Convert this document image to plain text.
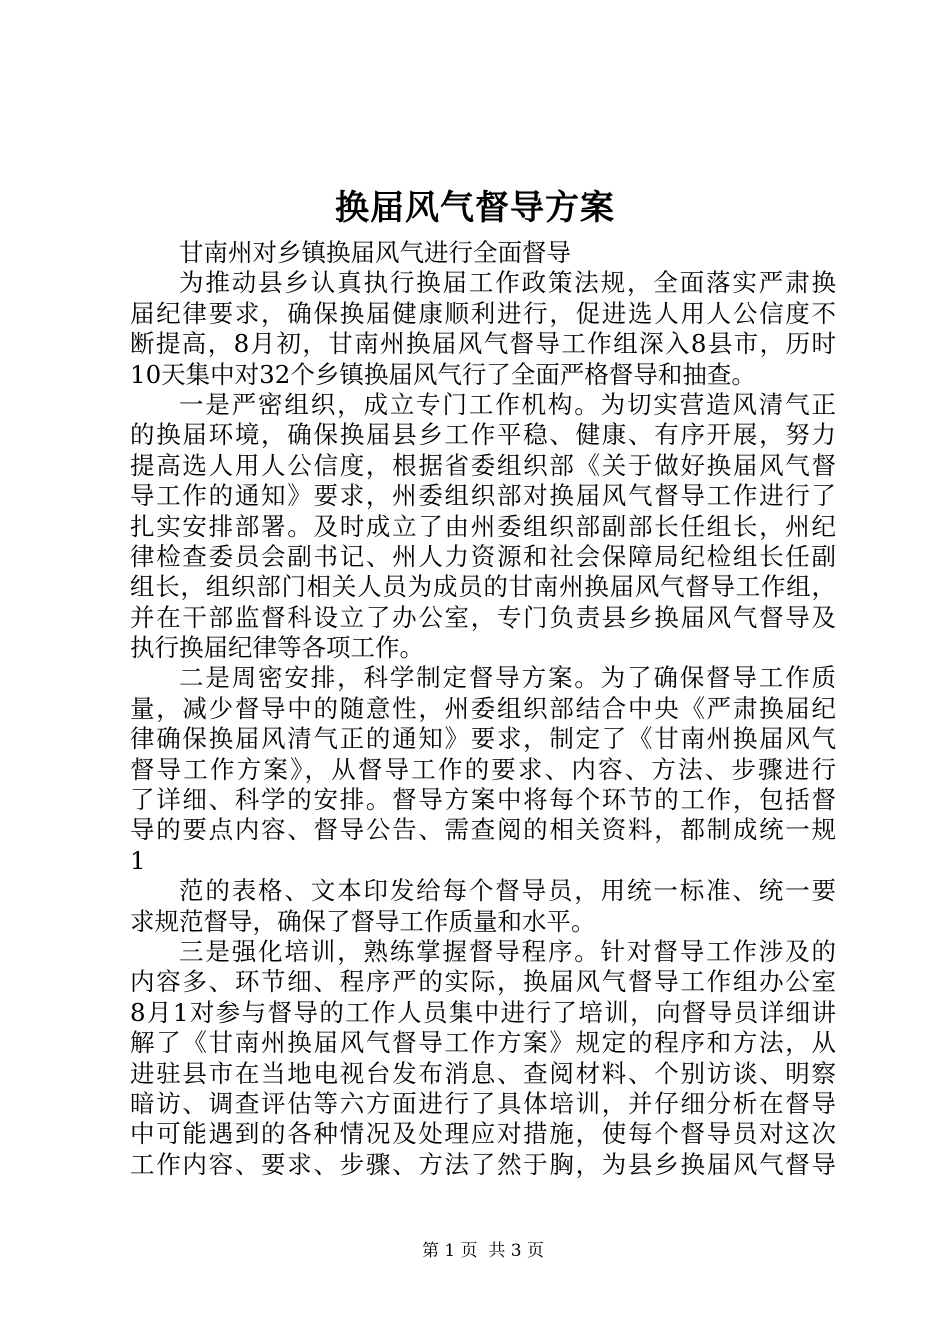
换届风气督导方案
甘南州对乡镇换届风气进行全面督导
为推动县乡认真执行换届工作政策法规，全面落实严肃换
届纪律要求，确保换届健康顺利进行，促进选人用人公信度不
断提高，8月初，甘南州换届风气督导工作组深入8县市，历时
10天集中对32个乡镇换届风气行了全面严格督导和抽查。
一是严密组织，成立专门工作机构。为切实营造风清气正
的换届环境，确保换届县乡工作平稳、健康、有序开展，努力
提高选人用人公信度，根据省委组织部《关于做好换届风气督
导工作的通知》要求，州委组织部对换届风气督导工作进行了
扎实安排部署。及时成立了由州委组织部副部长任组长，州纪
律检查委员会副书记、州人力资源和社会保障局纪检组长任副
组长，组织部门相关人员为成员的甘南州换届风气督导工作组，
并在干部监督科设立了办公室，专门负责县乡换届风气督导及
执行换届纪律等各项工作。
二是周密安排，科学制定督导方案。为了确保督导工作质
量，减少督导中的随意性，州委组织部结合中央《严肃换届纪
律确保换届风清气正的通知》要求，制定了《甘南州换届风气
督导工作方案》，从督导工作的要求、内容、方法、步骤进行
了详细、科学的安排。督导方案中将每个环节的工作，包括督
导的要点内容、督导公告、需查阅的相关资料，都制成统一规
1
范的表格、文本印发给每个督导员，用统一标准、统一要
求规范督导，确保了督导工作质量和水平。
三是强化培训，熟练掌握督导程序。针对督导工作涉及的
内容多、环节细、程序严的实际，换届风气督导工作组办公室
8月1对参与督导的工作人员集中进行了培训，向督导员详细讲
解了《甘南州换届风气督导工作方案》规定的程序和方法，从
进驻县市在当地电视台发布消息、查阅材料、个别访谈、明察
暗访、调查评估等六方面进行了具体培训，并仔细分析在督导
中可能遇到的各种情况及处理应对措施，使每个督导员对这次
工作内容、要求、步骤、方法了然于胸，为县乡换届风气督导
第 1 页  共 3 页
